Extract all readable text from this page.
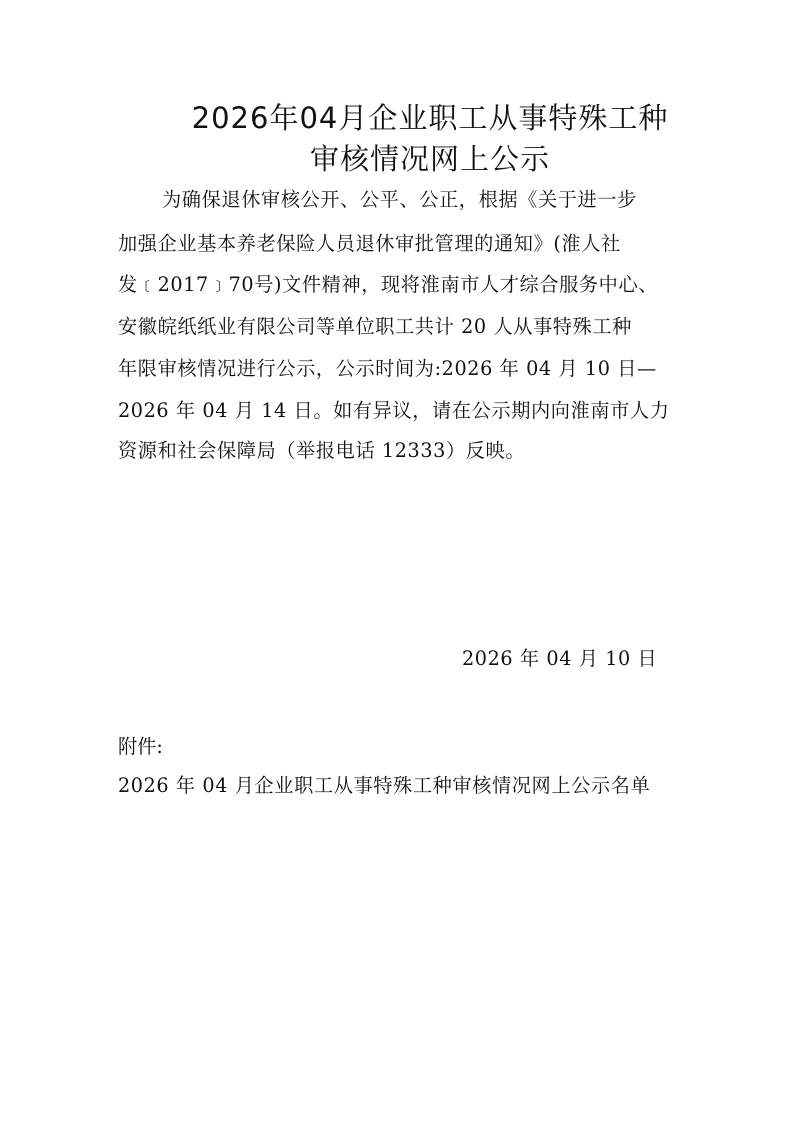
2026年04月企业职工从事特殊工种
审核情况网上公示
为确保退休审核公开、公平、公正，根据《关于进一步
加强企业基本养老保险人员退休审批管理的通知》(淮人社
发﹝2017﹞70号)文件精神，现将淮南市人才综合服务中心、
安徽皖纸纸业有限公司等单位职工共计 20 人从事特殊工种
年限审核情况进行公示，公示时间为:2026 年 04 月 10 日—
2026 年 04 月 14 日。如有异议，请在公示期内向淮南市人力
资源和社会保障局（举报电话 12333）反映。
2026 年 04 月 10 日
附件:
2026 年 04 月企业职工从事特殊工种审核情况网上公示名单
